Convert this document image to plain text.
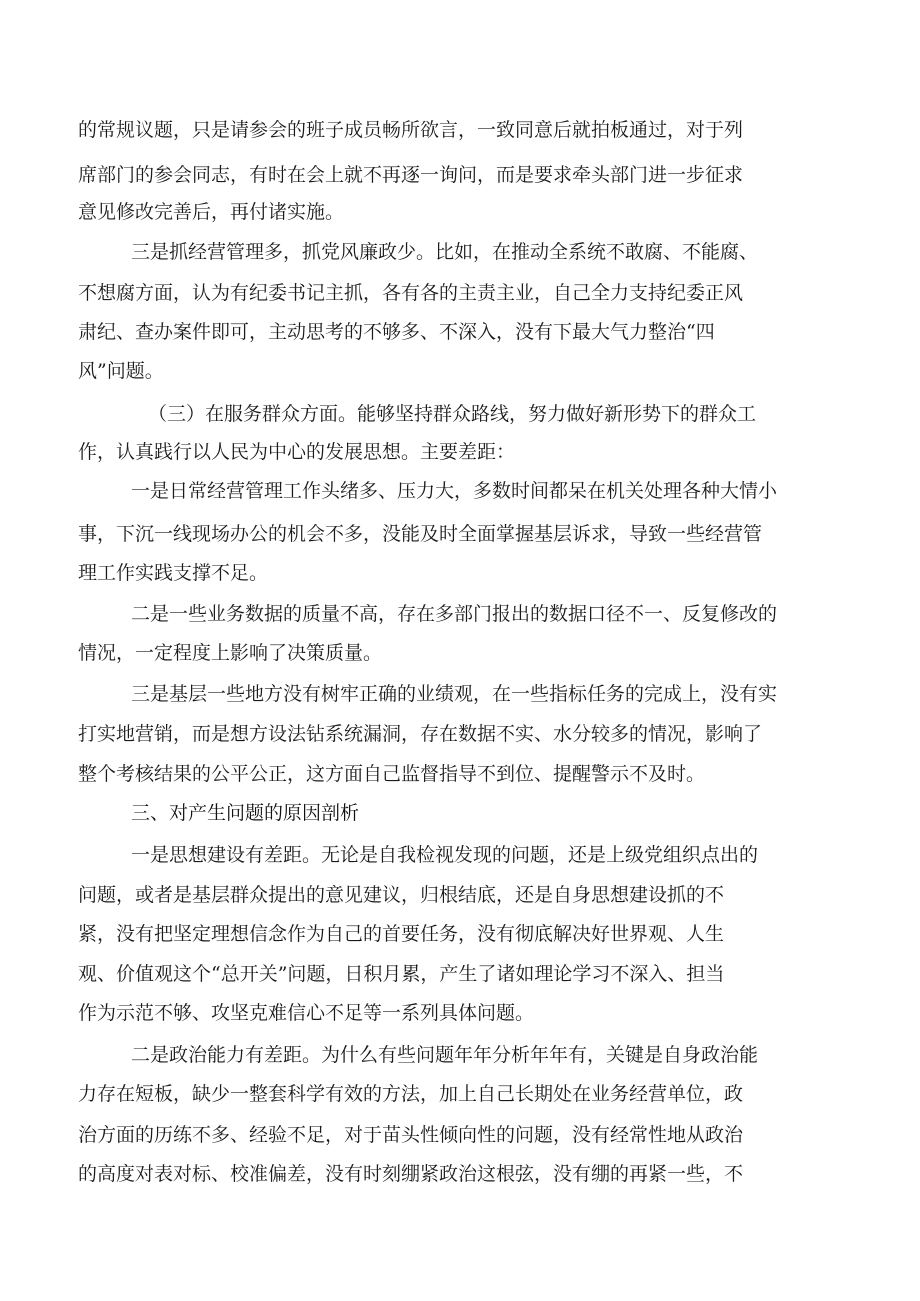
的常规议题，只是请参会的班子成员畅所欲言，一致同意后就拍板通过，对于列
席部门的参会同志，有时在会上就不再逐一询问，而是要求牵头部门进一步征求
意见修改完善后，再付诸实施。
三是抓经营管理多，抓党风廉政少。比如，在推动全系统不敢腐、不能腐、
不想腐方面，认为有纪委书记主抓，各有各的主责主业，自己全力支持纪委正风
肃纪、查办案件即可，主动思考的不够多、不深入，没有下最大气力整治“四
风”问题。
（三）在服务群众方面。能够坚持群众路线，努力做好新形势下的群众工
作，认真践行以人民为中心的发展思想。主要差距：
一是日常经营管理工作头绪多、压力大，多数时间都呆在机关处理各种大情小
事，下沉一线现场办公的机会不多，没能及时全面掌握基层诉求，导致一些经营管
理工作实践支撑不足。
二是一些业务数据的质量不高，存在多部门报出的数据口径不一、反复修改的
情况，一定程度上影响了决策质量。
三是基层一些地方没有树牢正确的业绩观，在一些指标任务的完成上，没有实
打实地营销，而是想方设法钻系统漏洞，存在数据不实、水分较多的情况，影响了
整个考核结果的公平公正，这方面自己监督指导不到位、提醒警示不及时。
三、对产生问题的原因剖析
一是思想建设有差距。无论是自我检视发现的问题，还是上级党组织点出的
问题，或者是基层群众提出的意见建议，归根结底，还是自身思想建设抓的不
紧，没有把坚定理想信念作为自己的首要任务，没有彻底解决好世界观、人生
观、价值观这个“总开关”问题，日积月累，产生了诸如理论学习不深入、担当
作为示范不够、攻坚克难信心不足等一系列具体问题。
二是政治能力有差距。为什么有些问题年年分析年年有，关键是自身政治能
力存在短板，缺少一整套科学有效的方法，加上自己长期处在业务经营单位，政
治方面的历练不多、经验不足，对于苗头性倾向性的问题，没有经常性地从政治
的高度对表对标、校准偏差，没有时刻绷紧政治这根弦，没有绷的再紧一些，不
